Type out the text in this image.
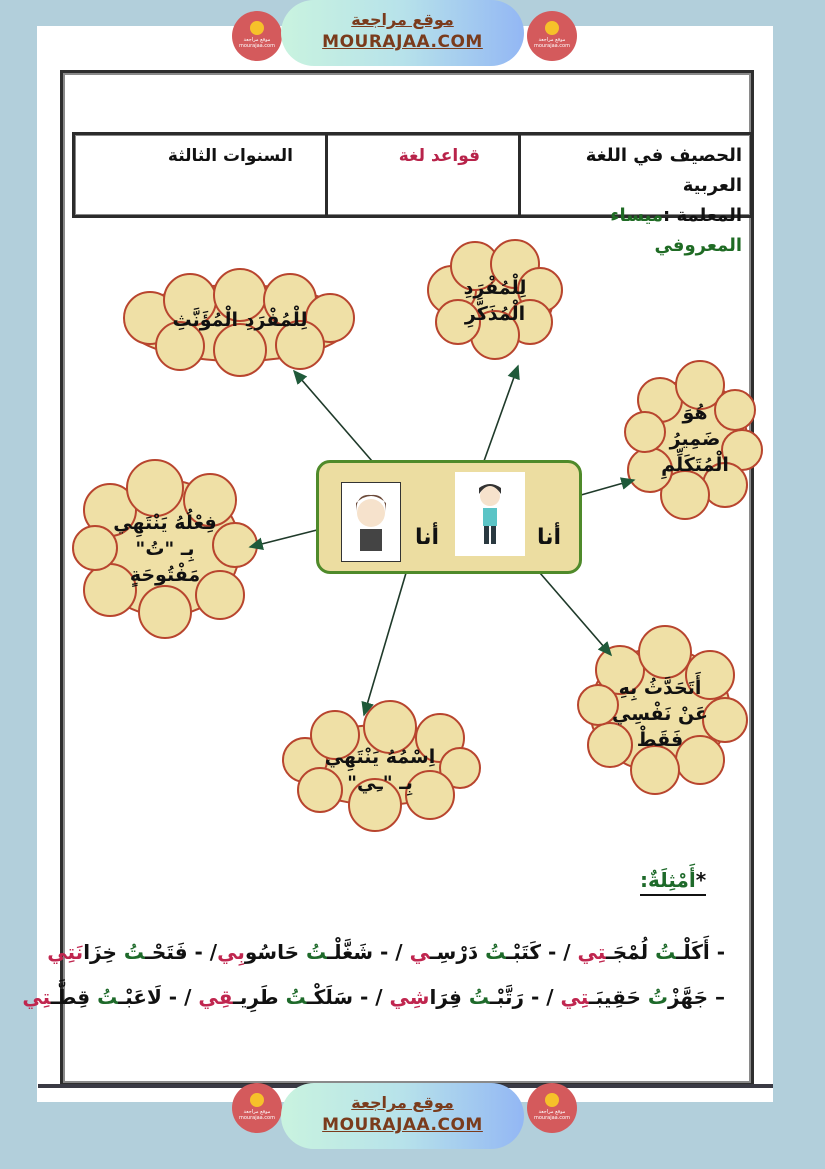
موقع مراجعة mourajaa.com
موقع مراجعة
MOURAJAA.COM	موقع مراجعة mourajaa.com
الحصيف في اللغة العربية
المعلمة :ميساء المعروفي
قواعد لغة
السنوات الثالثة
لِلْمُفْرَدِ الْمُؤَنَّثِ
لِلْمُفْرَدِ الْمُذَكَّرِ
هُوَ
ضَمِيرُ
الْمُتَكَلِّمِ
فِعْلُهُ يَنْتَهِي
بِـ "تُ"
مَفْتُوحَةٍ
اِسْمُهُ يَنْتَهِي
بِـ "ـِي"
أَتَحَدَّثُ بِهِ
عَنْ نَفْسِي
فَقَطْ
أنا
أنا
*أَمْثِلَةٌ:
- أَكَلْـتُ لُمْجَـتِي / - كَتَبْـتُ دَرْسِـي / - شَغَّلْـتُ حَاسُوبِي/ - فَتَحْـتُ خِزَانَتِي
– جَهَّزْتُ حَقِيبَـتِي / - رَتَّبْـتُ فِرَاشِي / - سَلَكْـتُ طَرِيـقِي / - لَاعَبْـتُ قِطَّـتِي
موقع مراجعة mourajaa.com
موقع مراجعة
MOURAJAA.COM
موقع مراجعة mourajaa.com
